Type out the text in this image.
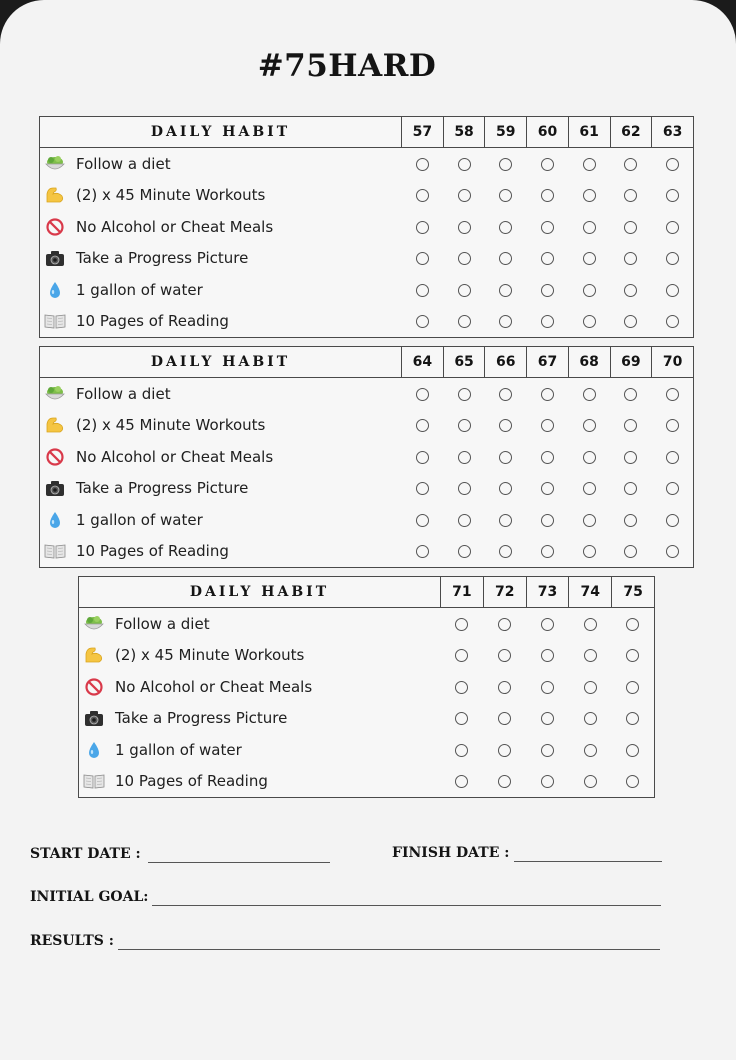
#75HARD
DAILY HABIT	57	58	59	60	61	62	63

Follow a diet							

(2) x 45 Minute Workouts							

No Alcohol or Cheat Meals							

Take a Progress Picture							

1 gallon of water							

10 Pages of Reading							
DAILY HABIT	64	65	66	67	68	69	70

Follow a diet							

(2) x 45 Minute Workouts							

No Alcohol or Cheat Meals							

Take a Progress Picture							

1 gallon of water							

10 Pages of Reading							
DAILY HABIT	71	72	73	74	75

Follow a diet					

(2) x 45 Minute Workouts					

No Alcohol or Cheat Meals					

Take a Progress Picture					

1 gallon of water					

10 Pages of Reading					
START DATE :	FINISH DATE :
INITIAL GOAL:
RESULTS :
